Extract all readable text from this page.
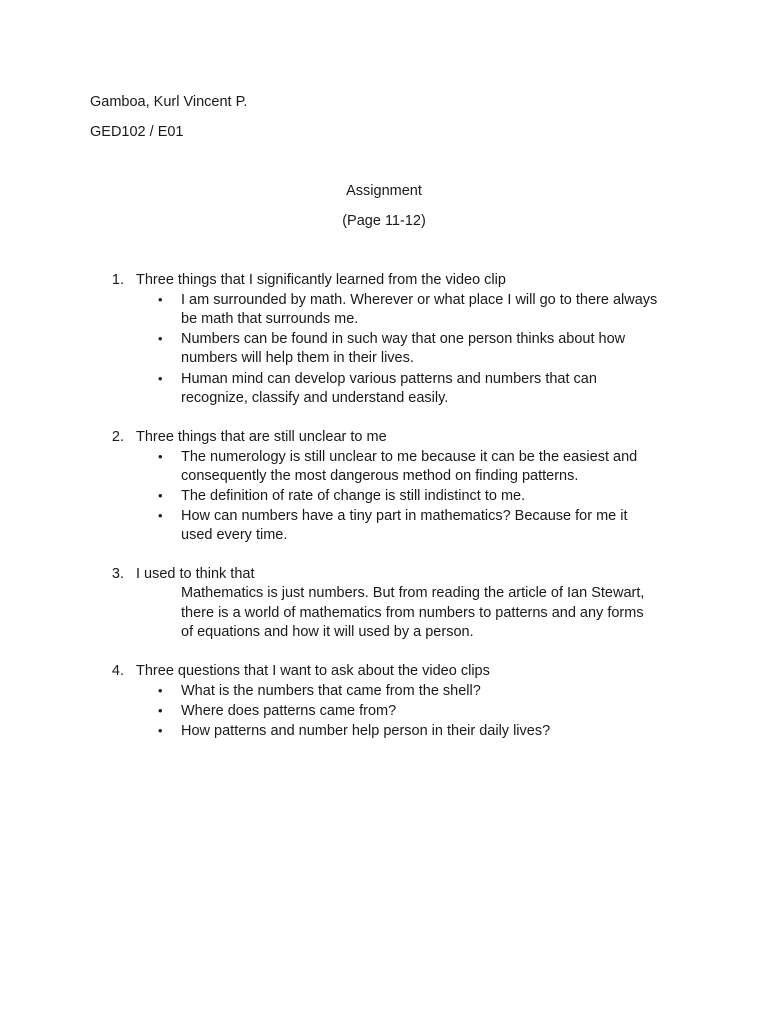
Gamboa, Kurl Vincent P.
GED102 / E01
Assignment
(Page 11-12)
1. Three things that I significantly learned from the video clip
• I am surrounded by math. Wherever or what place I will go to there always
be math that surrounds me.
• Numbers can be found in such way that one person thinks about how
numbers will help them in their lives.
• Human mind can develop various patterns and numbers that can
recognize, classify and understand easily.
2. Three things that are still unclear to me
• The numerology is still unclear to me because it can be the easiest and
consequently the most dangerous method on finding patterns.
• The definition of rate of change is still indistinct to me.
• How can numbers have a tiny part in mathematics? Because for me it
used every time.
3. I used to think that
Mathematics is just numbers. But from reading the article of Ian Stewart,
there is a world of mathematics from numbers to patterns and any forms
of equations and how it will used by a person.
4. Three questions that I want to ask about the video clips
• What is the numbers that came from the shell?
• Where does patterns came from?
• How patterns and number help person in their daily lives?
